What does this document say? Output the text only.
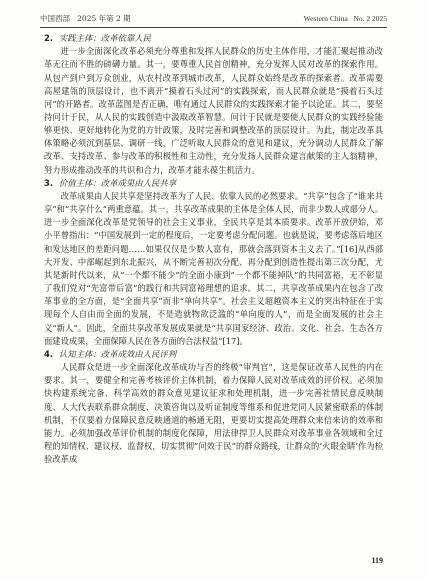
中国西部 2025 年第 2 期	Western China No. 2 2025

2. 实践主体：改革依靠人民

进一步全面深化改革必须充分尊重和发挥人民群众的历史主体作用，才能汇聚起推动改革无往而不胜的磅礴力量。其一，要尊重人民首创精神，充分发挥人民对改革的探索作用。从包产到户到万众创业，从农村改革到城市改革，人民群众始终是改革的探索者。改革需要高屋建瓴的顶层设计，也不离开“摸着石头过河”的实践探索，而人民群众就是“摸着石头过河”的开路者。改革蓝图是否正确，唯有通过人民群众的实践探索才能予以论证。其二，要坚持问计于民，从人民的实践创造中汲取改革智慧。问计于民就是要使人民群众的实践经验能够更快、更好地转化为党的方针政策，及时完善和调整改革的顶层设计。为此，制定改革具体策略必须沉到基层、调研一线，广泛听取人民群众的意见和建议，充分调动人民群众了解改革、支持改革、参与改革的积极性和主动性，充分发扬人民群众建言献策的主人翁精神，努力形成推动改革的共识和合力，改革才能永葆生机活力。

3. 价值主体：改革成果由人民共享

改革成果由人民共享是坚持改革为了人民、依靠人民的必然要求。“共享”包含了“谁来共享”和“共享什么”两重意蕴。其一，共享改革成果的主体是全体人民，而非少数人或部分人。进一步全面深化改革是党领导的社会主义事业，全民共享是其本质要求。改革开放伊始，邓小平曾指出：“中国发展到一定的程度后，一定要考虑分配问题。也就是说，要考虑落后地区和发达地区的差距问题……如果仅仅是少数人富有，那就会落到资本主义去了。”[16]从西部大开发、中部崛起到东北振兴，从不断完善初次分配、再分配到创造性提出第三次分配，尤其是新时代以来，从“一个都不能少”的全面小康到“一个都不能掉队”的共同富裕，无不彰显了我们党对“先富带后富”的践行和共同富裕理想的追求。其二，共享改革成果内在包含了改革事业的全方面，是“全面共享”而非“单向共享”。社会主义超越资本主义的突出特征在于实现每个人自由而全面的发展，不是造就物欲泛滥的“单向度的人”，而是全面发展的社会主义“新人”。因此，全面共享改革发展成果就是“共享国家经济、政治、文化、社会、生态各方面建设成果，全面保障人民在各方面的合法权益”[17]。

4. 认知主体：改革成效由人民评判

人民群众是进一步全面深化改革成功与否的终极“审判官”，这是保证改革人民性的内在要求。其一，要健全和完善考核评价主体机制，着力保障人民对改革成效的评价权。必须加快构建系统完备、科学高效的群众意见建议征求和处理机制，进一步完善社情民意反映制度、人大代表联系群众制度、决策咨询以及听证制度等维系和促进党同人民紧密联系的体制机制，不仅要着力保障民意反映通道的畅通无阻，更要切实提高处理群众来信来访的效率和能力。必须加强改革评价机制的制度化保障，用法律捍卫人民群众对改革事业各领域和全过程的知情权、建议权、监督权，切实贯彻“问效于民”的群众路线，让群众的‘火眼金睛’作为检验改革成

119
